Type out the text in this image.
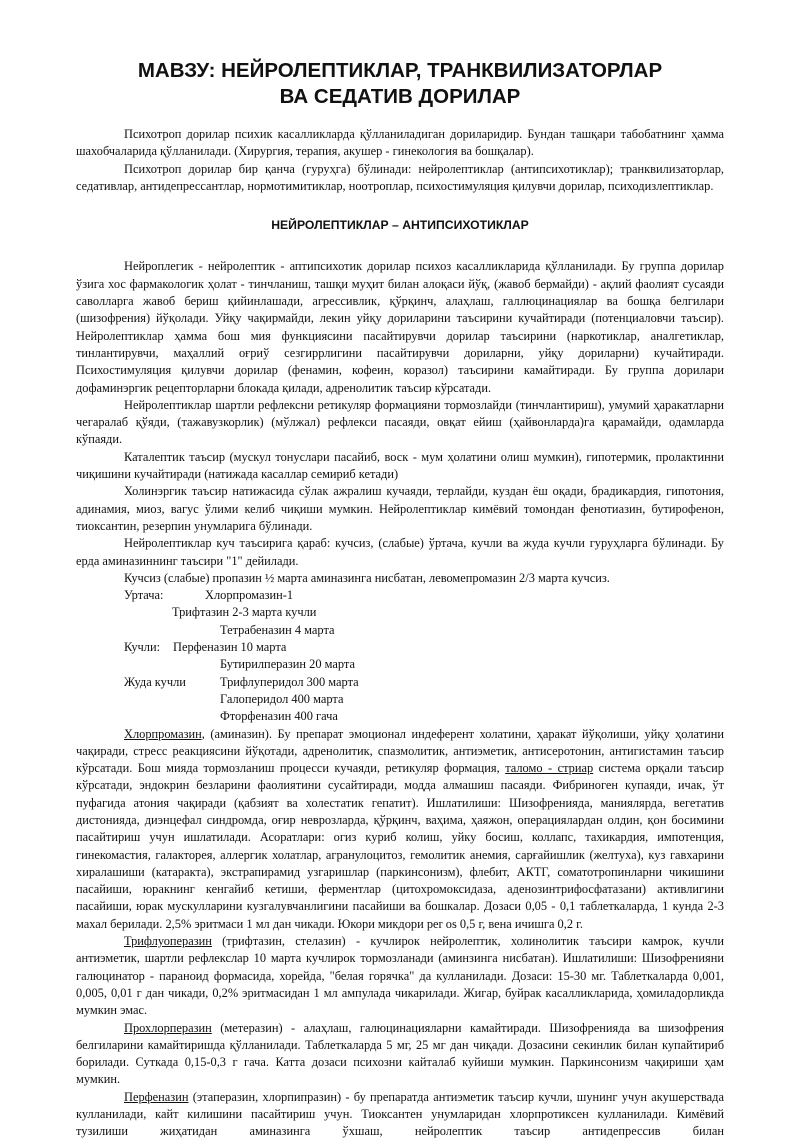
МАВЗУ: НЕЙРОЛЕПТИКЛАР, ТРАНКВИЛИЗАТОРЛАР
ВА СЕДАТИВ ДОРИЛАР

Психотроп дорилар психик касалликларда қўлланиладиган дориларидир. Бундан ташқари табобатнинг ҳамма шахобчаларида қўлланилади. (Хирургия, терапия, акушер - гинекология ва бошқалар).

Психотроп дорилар бир қанча (гуруҳга) бўлинади: нейролептиклар (антипсихотиклар); транквилизаторлар, седативлар, антидепрессантлар, нормотимитиклар, ноотроплар, психостимуляция қилувчи дорилар, психодизлептиклар.

НЕЙРОЛЕПТИКЛАР – АНТИПСИХОТИКЛАР

Нейроплегик - нейролептик - аптипсихотик дорилар психоз касалликларида қўлланилади. Бу группа дорилар ўзига хос фармакологик ҳолат - тинчланиш, ташқи муҳит билан алоқаси йўқ, (жавоб бермайди) - ақлий фаолият сусаяди саволларга жавоб бериш қийинлашади, агрессивлик, қўрқинч, алаҳлаш, галлюцинациялар ва бошқа белгилари (шизофрения) йўқолади. Уйқу чақирмайди, лекин уйқу дориларини таъсирини кучайтиради (потенциаловчи таъсир). Нейролептиклар ҳамма бош мия функциясини пасайтирувчи дорилар таъсирини (наркотиклар, аналгетиклар, тинлантирувчи, маҳаллий оғриў сезгиррлигини пасайтирувчи дориларни, уйқу дориларни) кучайтиради. Психостимуляция қилувчи дорилар (фенамин, кофеин, коразол) таъсирини камайтиради. Бу группа дорилари дофаминэргик рецепторларни блокада қилади, адренолитик таъсир кўрсатади.

Нейролептиклар шартли рефлексни ретикуляр формацияни тормозлайди (тинчлантириш), умумий ҳаракатларни чегаралаб қўяди, (тажавузкорлик) (мўлжал) рефлекси пасаяди, овқат ейиш (ҳайвонларда)га қарамайди, одамларда кўпаяди.

Каталептик таъсир (мускул тонуслари пасайиб, воск - мум ҳолатини олиш мумкин), гипотермик, пролактинни чиқишини кучайтиради (натижада касаллар семириб кетади)

Холинэргик таъсир натижасида сўлак ажралиш кучаяди, терлайди, куздан ёш оқади, брадикардия, гипотония, адинамия, миоз, вагус ўлими келиб чиқиши мумкин. Нейролептиклар кимёвий томондан фенотиазин, бутирофенон, тиоксантин, резерпин унумларига бўлинади.

Нейролептиклар куч таъсирига қараб: кучсиз, (слабые) ўртача, кучли ва жуда кучли гуруҳларга бўлинади. Бу ерда аминазиннинг таъсири "1" дейилади.

Кучсиз (слабые) пропазин ½ марта аминазинга нисбатан, левомепромазин 2/3 марта кучсиз.

Уртача:	Хлорпромазин-1
Трифтазин 2-3 марта кучли
Тетрабеназин 4 марта
Кучли: Перфеназин 10 марта
Бутирилперазин 20 марта
Жуда кучли	Трифлуперидол 300 марта
Галоперидол 400 марта
Фторфеназин 400 гача

Хлорпромазин, (аминазин). Бу препарат эмоционал индеферент холатини, ҳаракат йўқолиши, уйқу ҳолатини чақиради, стресс реакциясини йўқотади, адренолитик, спазмолитик, антиэметик, антисеротонин, антигистамин таъсир кўрсатади. Бош мияда тормозланиш процесси кучаяди, ретикуляр формация, таломо - стриар система орқали таъсир кўрсатади, эндокрин безларини фаолиятини сусайтиради, модда алмашиш пасаяди. Фибриноген купаяди, ичак, ўт пуфагида атония чақиради (қабзият ва холестатик гепатит). Ишлатилиши: Шизофренияда, маниялярда, вегетатив дистонияда, диэнцефал синдромда, оғир неврозларда, қўрқинч, ваҳима, ҳаяжон, операциялардан олдин, қон босимини пасайтириш учун ишлатилади. Асоратлари: огиз куриб колиш, уйку босиш, коллапс, тахикардия, импотенция, гинекомастия, галакторея, аллергик холатлар, агранулоцитоз, гемолитик анемия, сарғайишлик (желтуха), куз гавхарини хиралашиши (катаракта), экстрапирамид узгаришлар (паркинсонизм), флебит, АКТГ, соматотропинларни чикишини пасайиши, юракнинг кенгайиб кетиши, ферментлар (цитохромоксидаза, аденозинтрифосфатазани) активлигини пасайиши, юрак мускулларини кузгалувчанлигини пасайиши ва бошкалар. Дозаси 0,05 - 0,1 таблеткаларда, 1 кунда 2-3 махал берилади. 2,5% эритмаси 1 мл дан чикади. Юкори микдори per os 0,5 г, вена ичишга 0,2 г.

Трифлуоперазин (трифтазин, стелазин) - кучлирок нейролептик, холинолитик таъсири камрок, кучли антиэметик, шартли рефлекслар 10 марта кучлирок тормозланади (аминзинга нисбатан). Ишлатилиши: Шизофренияни галюцинатор - параноид формасида, хорейда, "белая горячка" да кулланилади. Дозаси: 15-30 мг. Таблеткаларда 0,001, 0,005, 0,01 г дан чикади, 0,2% эритмасидан 1 мл ампулада чикарилади. Жигар, буйрак касалликларида, ҳомиладорликда мумкин эмас.

Прохлорперазин (метеразин) - алаҳлаш, галюцинацияларни камайтиради. Шизофренияда ва шизофрения белгиларини камайтиришда қўлланилади. Таблеткаларда 5 мг, 25 мг дан чиқади. Дозасини секинлик билан купайтириб борилади. Суткада 0,15-0,3 г гача. Катта дозаси психозни кайталаб куйиши мумкин. Паркинсонизм чақириши ҳам мумкин.

Перфеназин (этаперазин, хлорпипразин) - бу препаратда антиэметик таъсир кучли, шунинг учун акушерствада кулланилади, кайт килишини пасайтириш учун. Тиоксантен унумларидан хлорпротиксен кулланилади. Кимёвий тузилиши жиҳатидан аминазинга ўхшаш, нейролептик таъсир антидепрессив билан
